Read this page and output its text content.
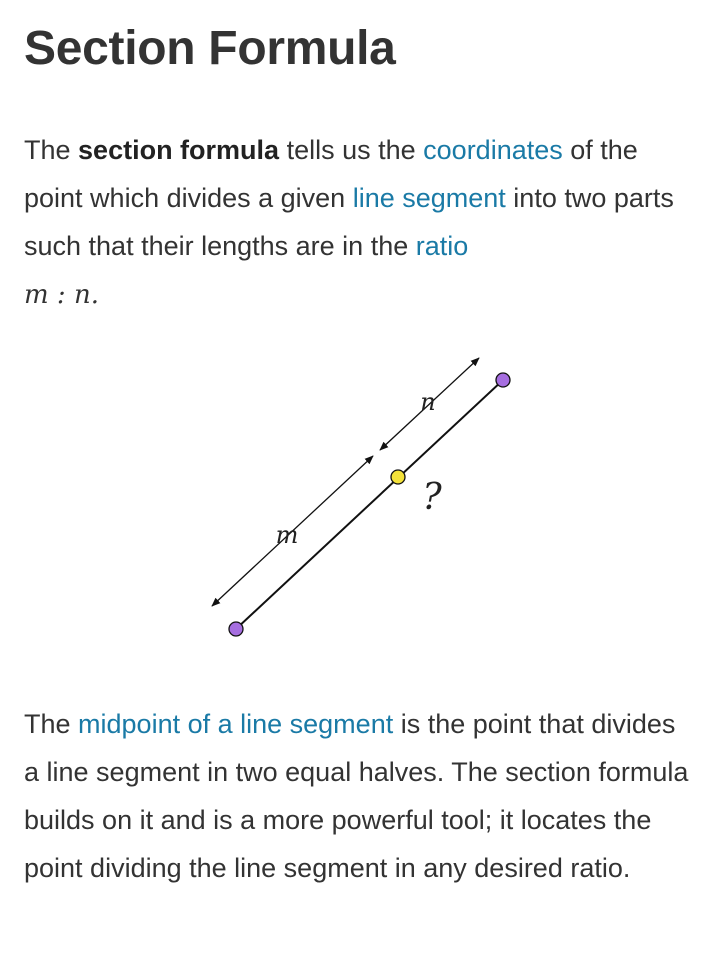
Section Formula

The section formula tells us the coordinates of the point which divides a given line segment into two parts such that their lengths are in the ratio
m : n.

m
n
?

The midpoint of a line segment is the point that divides a line segment in two equal halves. The section formula builds on it and is a more powerful tool; it locates the point dividing the line segment in any desired ratio.
